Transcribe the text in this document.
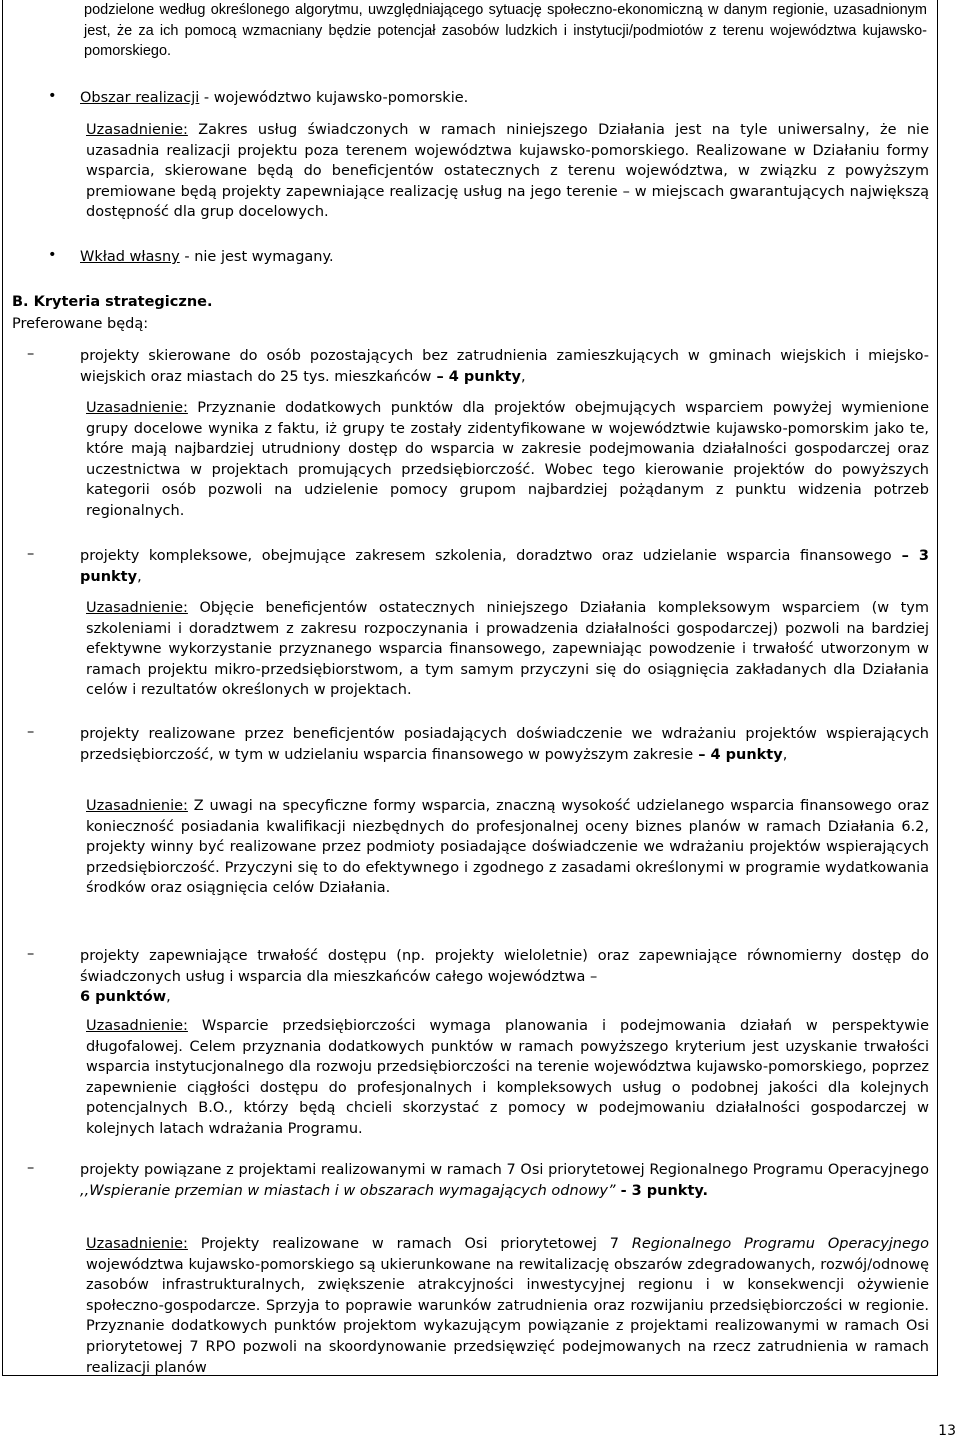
podzielone według określonego algorytmu, uwzględniającego sytuację społeczno-ekonomiczną w danym regionie, uzasadnionym jest, że za ich pomocą wzmacniany będzie potencjał zasobów ludzkich i instytucji/podmiotów z terenu województwa kujawsko-pomorskiego.
• Obszar realizacji - województwo kujawsko-pomorskie.
Uzasadnienie: Zakres usług świadczonych w ramach niniejszego Działania jest na tyle uniwersalny, że nie uzasadnia realizacji projektu poza terenem województwa kujawsko-pomorskiego. Realizowane w Działaniu formy wsparcia, skierowane będą do beneficjentów ostatecznych z terenu województwa, w związku z powyższym premiowane będą projekty zapewniające realizację usług na jego terenie – w miejscach gwarantujących największą dostępność dla grup docelowych.
• Wkład własny - nie jest wymagany.
B. Kryteria strategiczne.
Preferowane będą:
–	projekty skierowane do osób pozostających bez zatrudnienia zamieszkujących w gminach wiejskich i miejsko-wiejskich oraz miastach do 25 tys. mieszkańców – 4 punkty,
Uzasadnienie: Przyznanie dodatkowych punktów dla projektów obejmujących wsparciem powyżej wymienione grupy docelowe wynika z faktu, iż grupy te zostały zidentyfikowane w województwie kujawsko-pomorskim jako te, które mają najbardziej utrudniony dostęp do wsparcia w zakresie podejmowania działalności gospodarczej oraz uczestnictwa w projektach promujących przedsiębiorczość. Wobec tego kierowanie projektów do powyższych kategorii osób pozwoli na udzielenie pomocy grupom najbardziej pożądanym z punktu widzenia potrzeb regionalnych.
–	projekty kompleksowe, obejmujące zakresem szkolenia, doradztwo oraz udzielanie wsparcia finansowego – 3 punkty,
Uzasadnienie: Objęcie beneficjentów ostatecznych niniejszego Działania kompleksowym wsparciem (w tym szkoleniami i doradztwem z zakresu rozpoczynania i prowadzenia działalności gospodarczej) pozwoli na bardziej efektywne wykorzystanie przyznanego wsparcia finansowego, zapewniając powodzenie i trwałość utworzonym w ramach projektu mikro-przedsiębiorstwom, a tym samym przyczyni się do osiągnięcia zakładanych dla Działania celów i rezultatów określonych w projektach.
–	projekty realizowane przez beneficjentów posiadających doświadczenie we wdrażaniu projektów wspierających przedsiębiorczość, w tym w udzielaniu wsparcia finansowego w powyższym zakresie – 4 punkty,
Uzasadnienie: Z uwagi na specyficzne formy wsparcia, znaczną wysokość udzielanego wsparcia finansowego oraz konieczność posiadania kwalifikacji niezbędnych do profesjonalnej oceny biznes planów w ramach Działania 6.2, projekty winny być realizowane przez podmioty posiadające doświadczenie we wdrażaniu projektów wspierających przedsiębiorczość. Przyczyni się to do efektywnego i zgodnego z zasadami określonymi w programie wydatkowania środków oraz osiągnięcia celów Działania.
–	projekty zapewniające trwałość dostępu (np. projekty wieloletnie) oraz zapewniające równomierny dostęp do świadczonych usług i wsparcia dla mieszkańców całego województwa –
6 punktów,
Uzasadnienie: Wsparcie przedsiębiorczości wymaga planowania i podejmowania działań w perspektywie długofalowej. Celem przyznania dodatkowych punktów w ramach powyższego kryterium jest uzyskanie trwałości wsparcia instytucjonalnego dla rozwoju przedsiębiorczości na terenie województwa kujawsko-pomorskiego, poprzez zapewnienie ciągłości dostępu do profesjonalnych i kompleksowych usług o podobnej jakości dla kolejnych potencjalnych B.O., którzy będą chcieli skorzystać z pomocy w podejmowaniu działalności gospodarczej w kolejnych latach wdrażania Programu.
–	projekty powiązane z projektami realizowanymi w ramach 7 Osi priorytetowej Regionalnego Programu Operacyjnego ,,Wspieranie przemian w miastach i w obszarach wymagających odnowy” - 3 punkty.
Uzasadnienie: Projekty realizowane w ramach Osi priorytetowej 7 Regionalnego Programu Operacyjnego województwa kujawsko-pomorskiego są ukierunkowane na rewitalizację obszarów zdegradowanych, rozwój/odnowę zasobów infrastrukturalnych, zwiększenie atrakcyjności inwestycyjnej regionu i w konsekwencji ożywienie społeczno-gospodarcze. Sprzyja to poprawie warunków zatrudnienia oraz rozwijaniu przedsiębiorczości w regionie. Przyznanie dodatkowych punktów projektom wykazującym powiązanie z projektami realizowanymi w ramach Osi priorytetowej 7 RPO pozwoli na skoordynowanie przedsięwzięć podejmowanych na rzecz zatrudnienia w ramach realizacji planów
13
